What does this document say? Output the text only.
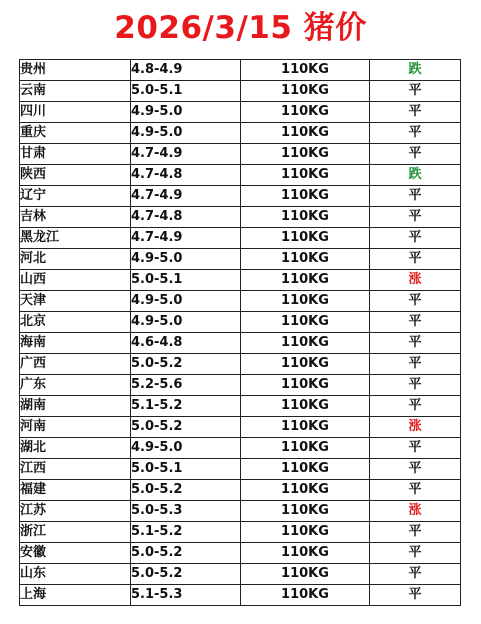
2026/3/15 猪价
贵州	4.8-4.9	110KG	跌
云南	5.0-5.1	110KG	平
四川	4.9-5.0	110KG	平
重庆	4.9-5.0	110KG	平
甘肃	4.7-4.9	110KG	平
陕西	4.7-4.8	110KG	跌
辽宁	4.7-4.9	110KG	平
吉林	4.7-4.8	110KG	平
黑龙江	4.7-4.9	110KG	平
河北	4.9-5.0	110KG	平
山西	5.0-5.1	110KG	涨
天津	4.9-5.0	110KG	平
北京	4.9-5.0	110KG	平
海南	4.6-4.8	110KG	平
广西	5.0-5.2	110KG	平
广东	5.2-5.6	110KG	平
湖南	5.1-5.2	110KG	平
河南	5.0-5.2	110KG	涨
湖北	4.9-5.0	110KG	平
江西	5.0-5.1	110KG	平
福建	5.0-5.2	110KG	平
江苏	5.0-5.3	110KG	涨
浙江	5.1-5.2	110KG	平
安徽	5.0-5.2	110KG	平
山东	5.0-5.2	110KG	平
上海	5.1-5.3	110KG	平
